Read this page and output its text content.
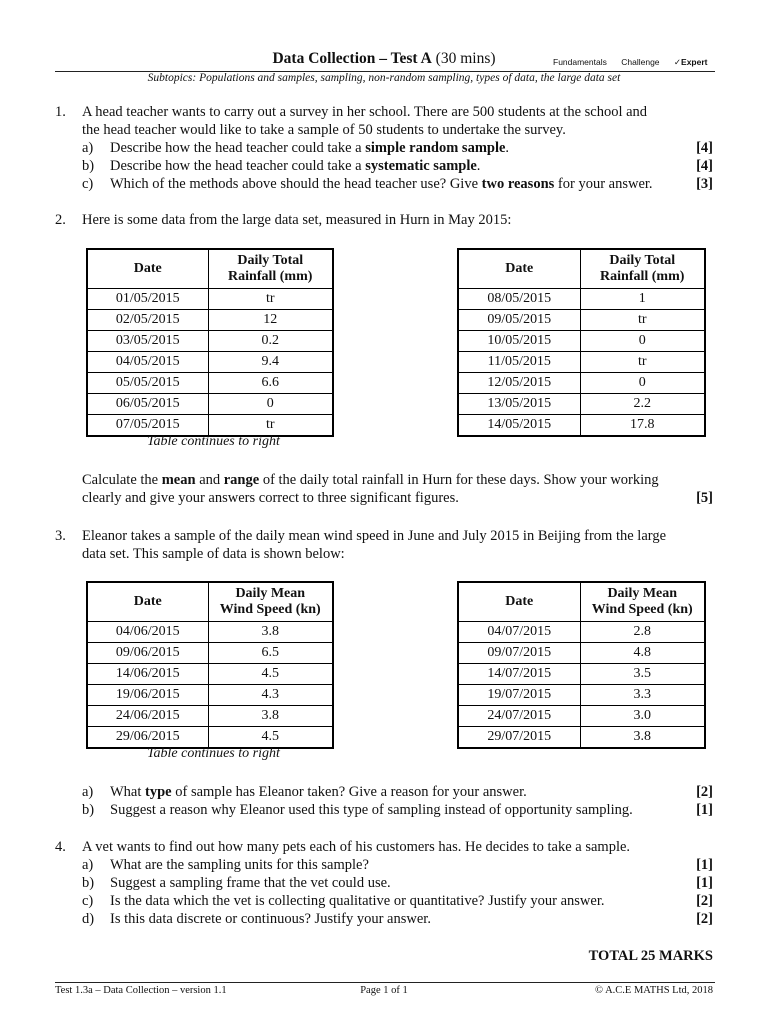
Data Collection – Test A (30 mins)	Fundamentals Challenge ✓Expert
Subtopics: Populations and samples, sampling, non-random sampling, types of data, the large data set
1. A head teacher wants to carry out a survey in her school. There are 500 students at the school and
the head teacher would like to take a sample of 50 students to undertake the survey.
a) Describe how the head teacher could take a simple random sample.	[4]
b) Describe how the head teacher could take a systematic sample.	[4]
c) Which of the methods above should the head teacher use? Give two reasons for your answer.	[3]
2. Here is some data from the large data set, measured in Hurn in May 2015:
Date	Daily Total
Rainfall (mm)
01/05/2015	tr
02/05/2015	12
03/05/2015	0.2
04/05/2015	9.4
05/05/2015	6.6
06/05/2015	0
07/05/2015	tr
Date	Daily Total
Rainfall (mm)
08/05/2015	1
09/05/2015	tr
10/05/2015	0
11/05/2015	tr
12/05/2015	0
13/05/2015	2.2
14/05/2015	17.8
Table continues to right
Calculate the mean and range of the daily total rainfall in Hurn for these days. Show your working
clearly and give your answers correct to three significant figures.	[5]
3. Eleanor takes a sample of the daily mean wind speed in June and July 2015 in Beijing from the large
data set. This sample of data is shown below:
Date	Daily Mean
Wind Speed (kn)
04/06/2015	3.8
09/06/2015	6.5
14/06/2015	4.5
19/06/2015	4.3
24/06/2015	3.8
29/06/2015	4.5
Date	Daily Mean
Wind Speed (kn)
04/07/2015	2.8
09/07/2015	4.8
14/07/2015	3.5
19/07/2015	3.3
24/07/2015	3.0
29/07/2015	3.8
Table continues to right
a) What type of sample has Eleanor taken? Give a reason for your answer.	[2]
b) Suggest a reason why Eleanor used this type of sampling instead of opportunity sampling.	[1]
4. A vet wants to find out how many pets each of his customers has. He decides to take a sample.
a) What are the sampling units for this sample?	[1]
b) Suggest a sampling frame that the vet could use.	[1]
c) Is the data which the vet is collecting qualitative or quantitative? Justify your answer.	[2]
d) Is this data discrete or continuous? Justify your answer.	[2]
TOTAL 25 MARKS
Test 1.3a – Data Collection – version 1.1	Page 1 of 1	© A.C.E MATHS Ltd, 2018
